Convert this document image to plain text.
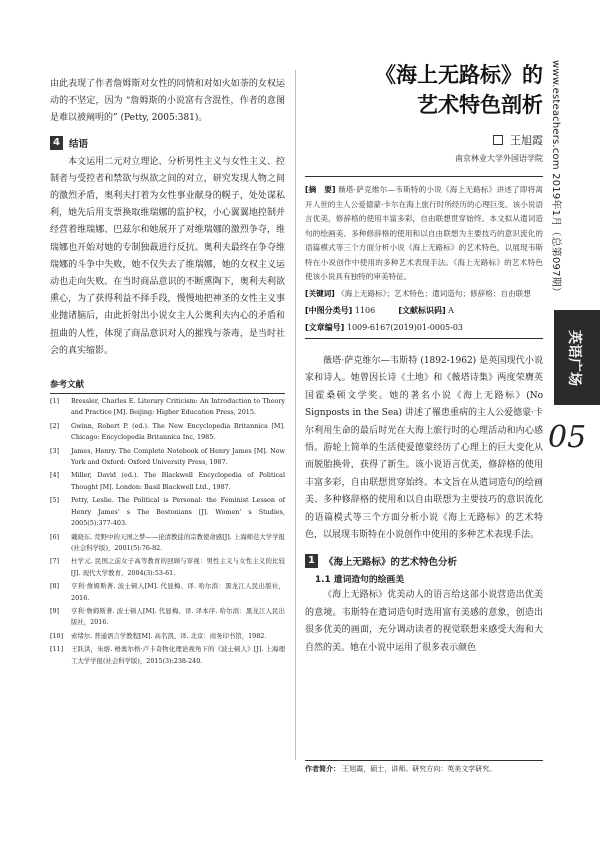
由此表现了作者詹姆斯对女性的同情和对如火如荼的女权运动的不坚定，因为 “詹姆斯的小说富有含混性，作者的意图是难以被阐明的” (Petty, 2005:381)。

4 结语

本文运用二元对立理论、分析男性主义与女性主义、控制者与受控者和禁欲与纵欲之间的对立，研究发现人物之间的激烈矛盾，奥利夫打着为女性事业献身的幌子，处处谋私利，她先后用支票换取维瑞娜的监护权，小心翼翼地控制并经营着维瑞娜、巴兹尔和她展开了对维瑞娜的激烈争夺，维瑞娜也开始对她的专制独裁进行反抗。奥利夫最终在争夺维瑞娜的斗争中失败，她不仅失去了维瑞娜，她的女权主义运动也走向失败。在当时商品意识的不断熏陶下，奥利夫利欲熏心，为了获得利益不择手段，慢慢地把神圣的女性主义事业抛诸脑后，由此折射出小说女主人公奥利夫内心的矛盾和扭曲的人性，体现了商品意识对人的摧残与荼毒，是当时社会的真实缩影。

参考文献
[1]	Bressler, Charles E. Literary Criticism: An Introduction to Theory and Practice [M]. Beijing: Higher Education Press, 2015.
[2]	Gwinn, Robert P. (ed.). The New Encyclopedia Britannica [M]. Chicago: Encyclopedia Britannica Inc, 1985.
[3]	James, Henry. The Complete Notebook of Henry James [M]. New York and Oxford: Oxford University Press, 1987.
[4]	Miller, David (ed.). The Blackwell Encyclopedia of Political Thought [M]. London: Basil Blackwell Ltd., 1987.
[5]	Petty, Leslie. The Political is Personal: the Feminist Lesson of Henry James’ s The Bostonians [J]. Women’ s Studies, 2005(5):377-403.
[6]	戴晓东. 荒野中的天国之梦——论清教徒的宗教使命感[J]. 上海师范大学学报(社会科学版)，2001(5):76-82.
[7]	杜学元. 民国之前女子高等教育的回顾与审视：男性主义与女性主义的比较[J]. 现代大学教育，2004(3):53-61.
[8]	亨利·詹姆斯著. 波士顿人[M]. 代显梅、译. 哈尔滨：黑龙江人民出版社，2016.
[9]	亨利·詹姆斯著. 波士顿人[M]. 代显梅、译. 译本序. 哈尔滨：黑龙江人民出版社，2016.
[10]	索绪尔. 普通语言学教程[M]. 高名凯、译. 北京：商务印书馆，1982.
[11]	王跃洪，朱熔. 梧奥尔格·卢卡奇物化理论视角下的《波士顿人》[J]. 上海理工大学学报(社会科学版)，2015(3):238-240.
《海上无路标》的
艺术特色剖析
王旭霞
南京林业大学外国语学院
[摘　要] 薇塔·萨克维尔—韦斯特的小说《海上无路标》讲述了即将离开人世的主人公爱德蒙·卡尔在海上旅行时所经历的心理巨变。该小说语言优美，修辞格的使用丰富多彩，自由联想贯穿始终。本文拟从遣词造句的绘画美、多种修辞格的使用和以自由联想为主要技巧的意识流化的语篇模式等三个方面分析小说《海上无路标》的艺术特色，以展现韦斯特在小说创作中使用的多种艺术表现手法。《海上无路标》的艺术特色使该小说具有独特的审美特征。
[关键词] 《海上无路标》；艺术特色；遣词造句；修辞格；自由联想
[中图分类号] 1106	[文献标识码] A
[文章编号] 1009-6167(2019)01-0005-03

薇塔·萨克维尔—韦斯特 (1892-1962) 是英国现代小说家和诗人。她曾因长诗《土地》和《薇塔诗集》两度荣膺英国霍桑顿文学奖。她的著名小说《海上无路标》(No Signposts in the Sea) 讲述了罹患重病的主人公爱德蒙·卡尔利用生命的最后时光在大海上旅行时的心理活动和内心感悟。游轮上简单的生活使爱德蒙经历了心理上的巨大变化从而脱胎换骨，获得了新生。该小说语言优美，修辞格的使用丰富多彩，自由联想贯穿始终。本文旨在从遣词造句的绘画美、多种修辞格的使用和以自由联想为主要技巧的意识流化的语篇模式等三个方面分析小说《海上无路标》的艺术特色，以展现韦斯特在小说创作中使用的多种艺术表现手法。

1 《海上无路标》的艺术特色分析
1.1 遣词造句的绘画美

《海上无路标》优美动人的语言给这部小说营造出优美的意境。韦斯特在遣词造句时选用富有美感的意象，创造出很多优美的画面，充分调动读者的视觉联想来感受大海和大自然的美。她在小说中运用了很多表示颜色

作者简介： 王旭霞，硕士，讲师。研究方向：英美文学研究。
www.esteachers.com 2019年1月（总第097期）
英语广场
05
